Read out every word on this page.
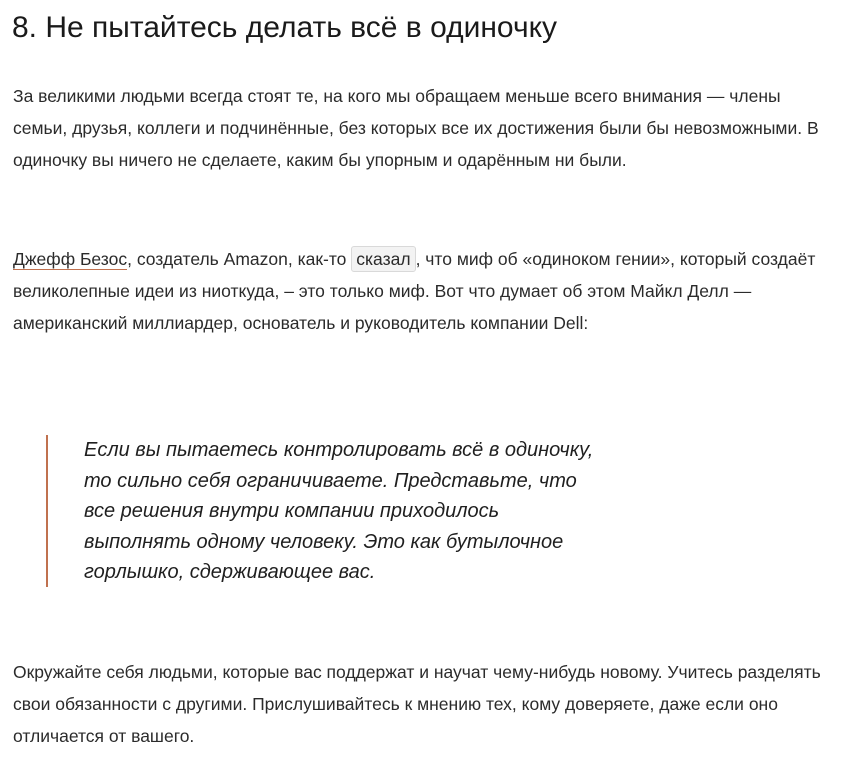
8. Не пытайтесь делать всё в одиночку

За великими людьми всегда стоят те, на кого мы обращаем меньше всего внимания — члены семьи, друзья, коллеги и подчинённые, без которых все их достижения были бы невозможными. В одиночку вы ничего не сделаете, каким бы упорным и одарённым ни были.

Джефф Безос, создатель Amazon, как-то сказал , что миф об «одиноком гении», который создаёт великолепные идеи из ниоткуда, – это только миф. Вот что думает об этом Майкл Делл — американский миллиардер, основатель и руководитель компании Dell:

Если вы пытаетесь контролировать всё в одиночку, то сильно себя ограничиваете. Представьте, что все решения внутри компании приходилось выполнять одному человеку. Это как бутылочное горлышко, сдерживающее вас.

Окружайте себя людьми, которые вас поддержат и научат чему-нибудь новому. Учитесь разделять свои обязанности с другими. Прислушивайтесь к мнению тех, кому доверяете, даже если оно отличается от вашего.
